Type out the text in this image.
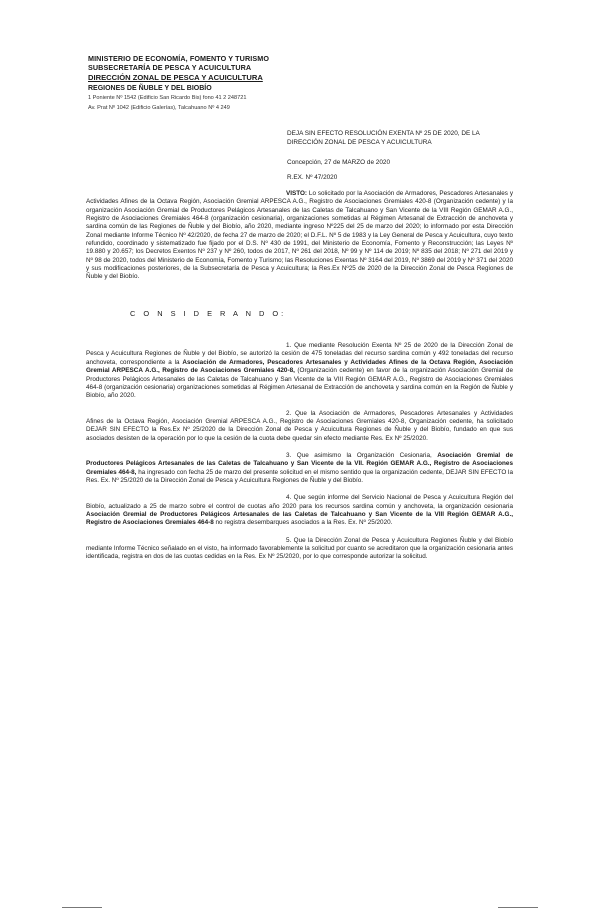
MINISTERIO DE ECONOMÍA, FOMENTO Y TURISMO
SUBSECRETARÍA DE PESCA Y ACUICULTURA
DIRECCIÓN ZONAL DE PESCA Y ACUICULTURA
REGIONES DE ÑUBLE Y DEL BIOBÍO
1 Poniente Nº 1542 (Edificio San Ricardo Bis) fono 41 2 248721
Av. Prat Nº 1042 (Edificio Galerías), Talcahuano Nº 4 249
DEJA SIN EFECTO RESOLUCIÓN EXENTA Nº 25 DE 2020, DE LA DIRECCIÓN ZONAL DE PESCA Y ACUICULTURA
Concepción, 27 de MARZO de 2020
R.EX. Nº 47/2020

VISTO: Lo solicitado por la Asociación de Armadores, Pescadores Artesanales y Actividades Afines de la Octava Región, Asociación Gremial ARPESCA A.G., Registro de Asociaciones Gremiales 420-8 (Organización cedente) y la organización Asociación Gremial de Productores Pelágicos Artesanales de las Caletas de Talcahuano y San Vicente de la VIII Región GEMAR A.G., Registro de Asociaciones Gremiales 464-8 (organización cesionaria), organizaciones sometidas al Régimen Artesanal de Extracción de anchoveta y sardina común de las Regiones de Ñuble y del Biobío, año 2020, mediante ingreso Nº225 del 25 de marzo del 2020; lo informado por esta Dirección Zonal mediante Informe Técnico Nº 42/2020, de fecha 27 de marzo de 2020; el D.F.L. Nº 5 de 1983 y la Ley General de Pesca y Acuicultura, cuyo texto refundido, coordinado y sistematizado fue fijado por el D.S. Nº 430 de 1991, del Ministerio de Economía, Fomento y Reconstrucción; las Leyes Nº 19.880 y 20.657; los Decretos Exentos Nº 237 y Nº 260, todos de 2017, Nº 261 del 2018, Nº 99 y Nº 114 de 2019; Nº 835 del 2018; Nº 271 del 2019 y Nº 98 de 2020, todos del Ministerio de Economía, Fomento y Turismo; las Resoluciones Exentas Nº 3164 del 2019, Nº 3869 del 2019 y Nº 371 del 2020 y sus modificaciones posteriores, de la Subsecretaría de Pesca y Acuicultura; la Res.Ex Nº25 de 2020 de la Dirección Zonal de Pesca Regiones de Ñuble y del Biobío.

C O N S I D E R A N D O:

1. Que mediante Resolución Exenta Nº 25 de 2020 de la Dirección Zonal de Pesca y Acuicultura Regiones de Ñuble y del Biobío, se autorizó la cesión de 475 toneladas del recurso sardina común y 492 toneladas del recurso anchoveta, correspondiente a la Asociación de Armadores, Pescadores Artesanales y Actividades Afines de la Octava Región, Asociación Gremial ARPESCA A.G., Registro de Asociaciones Gremiales 420-8, (Organización cedente) en favor de la organización Asociación Gremial de Productores Pelágicos Artesanales de las Caletas de Talcahuano y San Vicente de la VIII Región GEMAR A.G., Registro de Asociaciones Gremiales 464-8 (organización cesionaria) organizaciones sometidas al Régimen Artesanal de Extracción de anchoveta y sardina común en la Región de Ñuble y Biobío, año 2020.

2. Que la Asociación de Armadores, Pescadores Artesanales y Actividades Afines de la Octava Región, Asociación Gremial ARPESCA A.G., Registro de Asociaciones Gremiales 420-8, Organización cedente, ha solicitado DEJAR SIN EFECTO la Res.Ex Nº 25/2020 de la Dirección Zonal de Pesca y Acuicultura Regiones de Ñuble y del Biobío, fundado en que sus asociados desisten de la operación por lo que la cesión de la cuota debe quedar sin efecto mediante Res. Ex Nº 25/2020.

3. Que asimismo la Organización Cesionaria, Asociación Gremial de Productores Pelágicos Artesanales de las Caletas de Talcahuano y San Vicente de la VII. Región GEMAR A.G., Registro de Asociaciones Gremiales 464-8, ha ingresado con fecha 25 de marzo del presente solicitud en el mismo sentido que la organización cedente, DEJAR SIN EFECTO la Res. Ex. Nº 25/2020 de la Dirección Zonal de Pesca y Acuicultura Regiones de Ñuble y del Biobío.

4. Que según informe del Servicio Nacional de Pesca y Acuicultura Región del Biobío, actualizado a 25 de marzo sobre el control de cuotas año 2020 para los recursos sardina común y anchoveta, la organización cesionaria Asociación Gremial de Productores Pelágicos Artesanales de las Caletas de Talcahuano y San Vicente de la VIII Región GEMAR A.G., Registro de Asociaciones Gremiales 464-8 no registra desembarques asociados a la Res. Ex. Nº 25/2020.

5. Que la Dirección Zonal de Pesca y Acuicultura Regiones Ñuble y del Biobío mediante Informe Técnico señalado en el visto, ha informado favorablemente la solicitud por cuanto se acreditaron que la organización cesionaria antes identificada, registra en dos de las cuotas cedidas en la Res. Ex Nº 25/2020, por lo que corresponde autorizar la solicitud.
